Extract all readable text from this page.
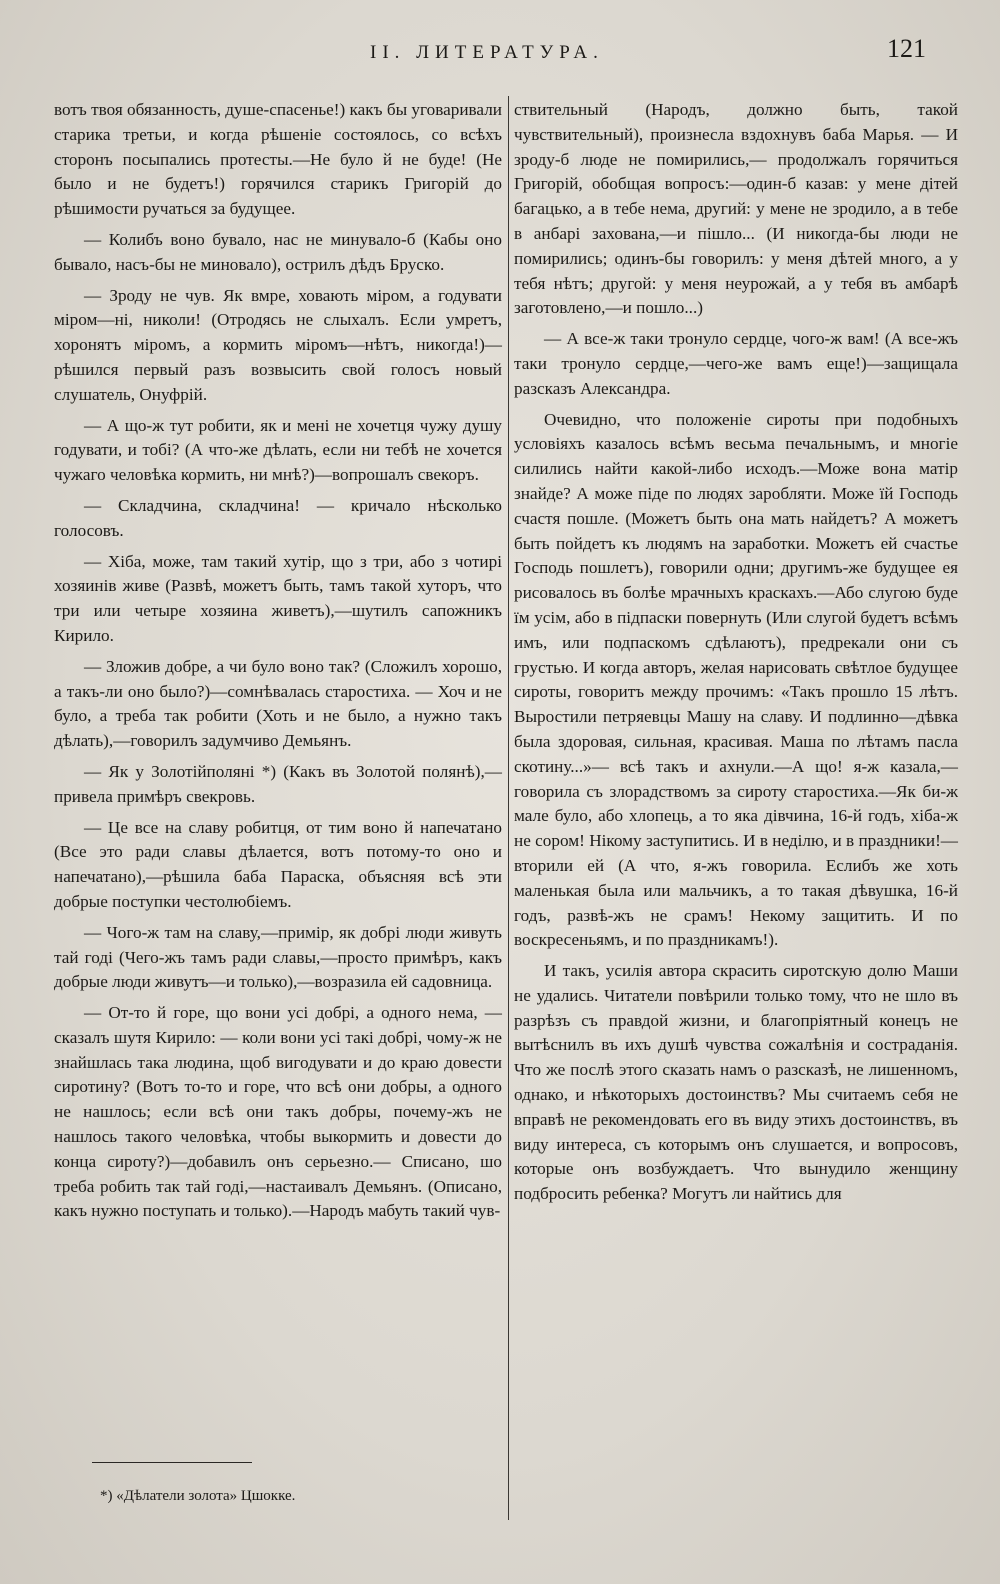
II. ЛИТЕРАТУРА.	121

вотъ твоя обязанность, душе-спасенье!) какъ бы уговаривали старика третьи, и когда рѣшеніе состоялось, со всѣхъ сторонъ посыпались протесты.—Не було й не буде! (Не было и не будетъ!) горячился старикъ Григорій до рѣшимости ручаться за будущее.

— Колибъ воно бувало, нас не минувало-б (Кабы оно бывало, насъ-бы не миновало), острилъ дѣдъ Бруско.

— Зроду не чув. Як вмре, ховають міром, а годувати міром—ні, николи! (Отродясь не слыхалъ. Если умретъ, хоронятъ міромъ, а кормить міромъ—нѣтъ, никогда!)—рѣшился первый разъ возвысить свой голосъ новый слушатель, Онуфрій.

— А що-ж тут робити, як и мені не хочетця чужу душу годувати, и тобі? (А что-же дѣлать, если ни тебѣ не хочется чужаго человѣка кормить, ни мнѣ?)—вопрошалъ свекоръ.

— Складчина, складчина! — кричало нѣсколько голосовъ.

— Хіба, може, там такий хутір, що з три, або з чотирі хозяинів живе (Развѣ, можетъ быть, тамъ такой хуторъ, что три или четыре хозяина живетъ),—шутилъ сапожникъ Кирило.

— Зложив добре, а чи було воно так? (Сложилъ хорошо, а такъ-ли оно было?)—сомнѣвалась старостиха. — Хоч и не було, а треба так робити (Хоть и не было, а нужно такъ дѣлать),—говорилъ задумчиво Демьянъ.

— Як у Золотійполяні *) (Какъ въ Золотой полянѣ),—привела примѣръ свекровь.

— Це все на славу робитця, от тим воно й напечатано (Все это ради славы дѣлается, вотъ потому-то оно и напечатано),—рѣшила баба Параска, объясняя всѣ эти добрые поступки честолюбіемъ.

— Чого-ж там на славу,—примір, як добрі люди живуть тай годі (Чего-жъ тамъ ради славы,—просто примѣръ, какъ добрые люди живутъ—и только),—возразила ей садовница.

— От-то й горе, що вони усі добрі, а одного нема, — сказалъ шутя Кирило: — коли вони усі такі добрі, чому-ж не знайшлась така людина, щоб вигодувати и до краю довести сиротину? (Вотъ то-то и горе, что всѣ они добры, а одного не нашлось; если всѣ они такъ добры, почему-жъ не нашлось такого человѣка, чтобы выкормить и довести до конца сироту?)—добавилъ онъ серьезно.— Списано, шо треба робить так тай годі,—настаивалъ Демьянъ. (Описано, какъ нужно поступать и только).—Народъ мабуть такий чув-

ствительный (Народъ, должно быть, такой чувствительный), произнесла вздохнувъ баба Марья. — И зроду-б люде не помирились,— продолжалъ горячиться Григорій, обобщая вопросъ:—один-б казав: у мене дітей багацько, а в тебе нема, другий: у мене не зродило, а в тебе в анбарі захована,—и пішло... (И никогда-бы люди не помирились; одинъ-бы говорилъ: у меня дѣтей много, а у тебя нѣтъ; другой: у меня неурожай, а у тебя въ амбарѣ заготовлено,—и пошло...)

— А все-ж таки тронуло сердце, чого-ж вам! (А все-жъ таки тронуло сердце,—чего-же вамъ еще!)—защищала разсказъ Александра.

Очевидно, что положеніе сироты при подобныхъ условіяхъ казалось всѣмъ весьма печальнымъ, и многіе силились найти какой-либо исходъ.—Може вона матір знайде? А може піде по людях заробляти. Може їй Господь счастя пошле. (Можетъ быть она мать найдетъ? А можетъ быть пойдетъ къ людямъ на заработки. Можетъ ей счастье Господь пошлетъ), говорили одни; другимъ-же будущее ея рисовалось въ болѣе мрачныхъ краскахъ.—Або слугою буде їм усім, або в підпаски повернуть (Или слугой будетъ всѣмъ имъ, или подпаскомъ сдѣлаютъ), предрекали они съ грустью. И когда авторъ, желая нарисовать свѣтлое будущее сироты, говоритъ между прочимъ: «Такъ прошло 15 лѣтъ. Выростили петряевцы Машу на славу. И подлинно—дѣвка была здоровая, сильная, красивая. Маша по лѣтамъ пасла скотину...»— всѣ такъ и ахнули.—А що! я-ж казала,— говорила съ злорадствомъ за сироту старостиха.—Як би-ж мале було, або хлопець, а то яка дівчина, 16-й годъ, хіба-ж не сором! Нікому заступитись. И в неділю, и в праздники!—вторили ей (А что, я-жъ говорила. Еслибъ же хоть маленькая была или мальчикъ, а то такая дѣвушка, 16-й годъ, развѣ-жъ не срамъ! Некому защитить. И по воскресеньямъ, и по праздникамъ!).

И такъ, усилія автора скрасить сиротскую долю Маши не удались. Читатели повѣрили только тому, что не шло въ разрѣзъ съ правдой жизни, и благопріятный конецъ не вытѣснилъ въ ихъ душѣ чувства сожалѣнія и состраданія. Что же послѣ этого сказать намъ о разсказѣ, не лишенномъ, однако, и нѣкоторыхъ достоинствъ? Мы считаемъ себя не вправѣ не рекомендовать его въ виду этихъ достоинствъ, въ виду интереса, съ которымъ онъ слушается, и вопросовъ, которые онъ возбуждаетъ. Что вынудило женщину подбросить ребенка? Могутъ ли найтись для

*) «Дѣлатели золота» Цшокке.
